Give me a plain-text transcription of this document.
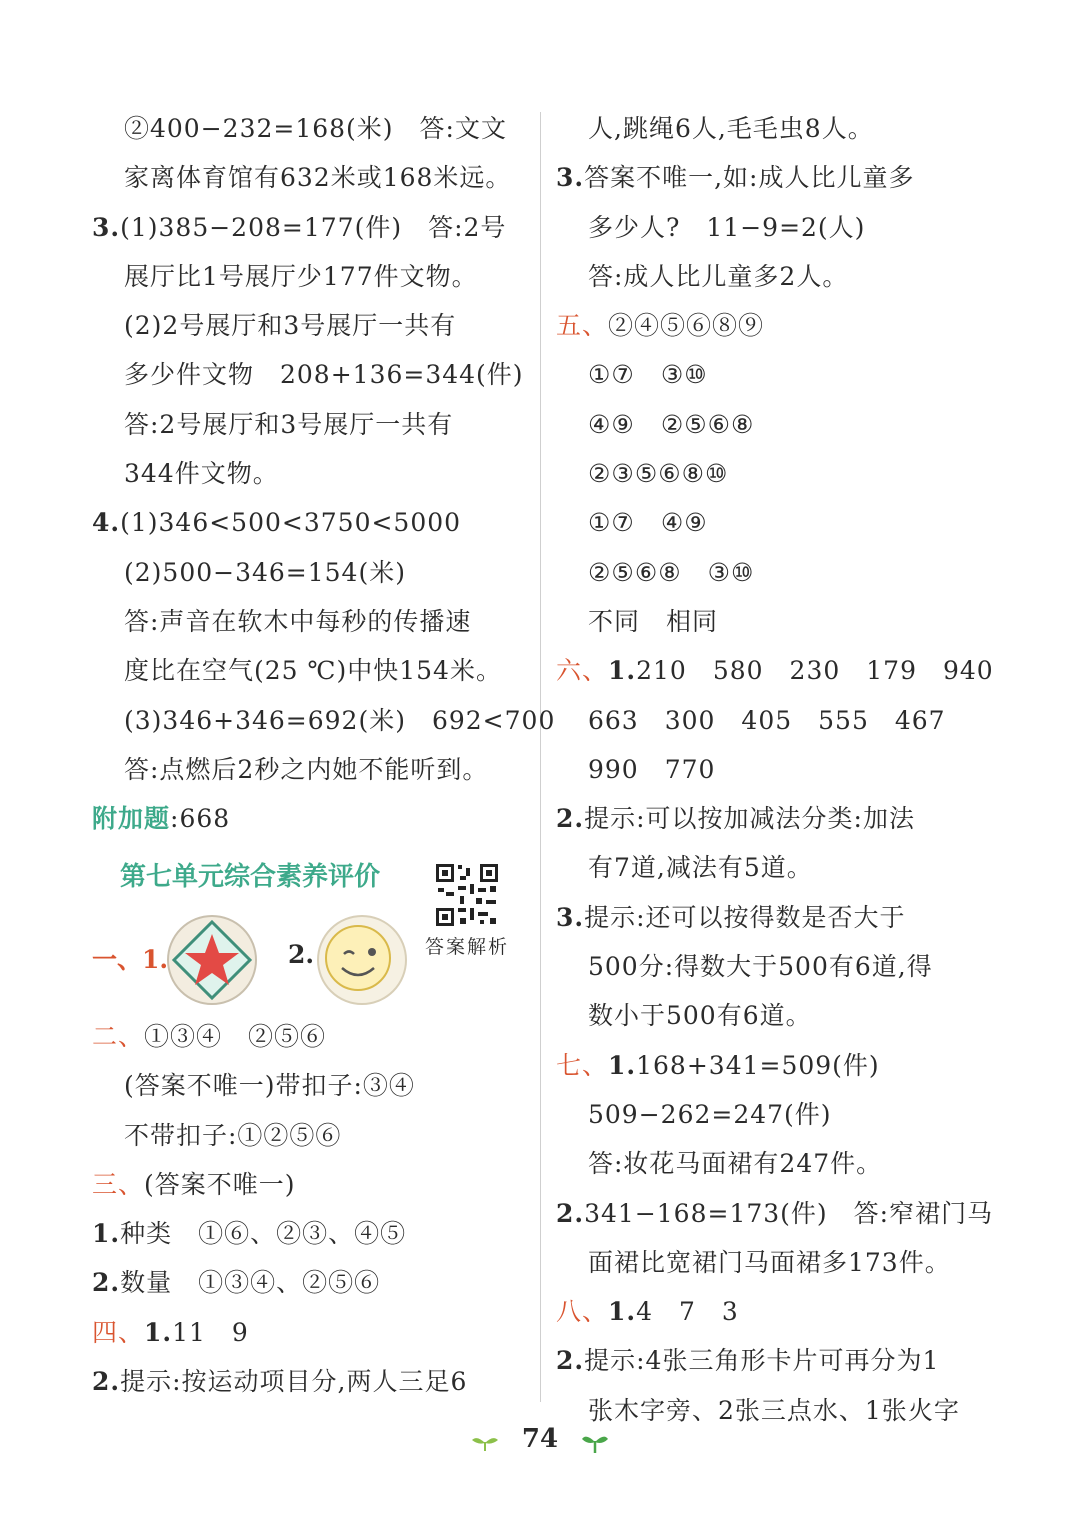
②400−232=168(米)　答:文文
家离体育馆有632米或168米远。
3.(1)385−208=177(件)　答:2号
展厅比1号展厅少177件文物。
(2)2号展厅和3号展厅一共有
多少件文物　208+136=344(件)
答:2号展厅和3号展厅一共有
344件文物。
4.(1)346<500<3750<5000
(2)500−346=154(米)
答:声音在软木中每秒的传播速
度比在空气(25 ℃)中快154米。
(3)346+346=692(米)　692<700
答:点燃后2秒之内她不能听到。
附加题:668
第七单元综合素养评价
答案解析
一、1.	2.
二、①③④　②⑤⑥
(答案不唯一)带扣子:③④
不带扣子:①②⑤⑥
三、(答案不唯一)
1.种类　①⑥、②③、④⑤
2.数量　①③④、②⑤⑥
四、1.11　9
2.提示:按运动项目分,两人三足6
人,跳绳6人,毛毛虫8人。
3.答案不唯一,如:成人比儿童多
多少人?　11−9=2(人)
答:成人比儿童多2人。
五、②④⑤⑥⑧⑨
①⑦　③⑩
④⑨　②⑤⑥⑧
②③⑤⑥⑧⑩
①⑦　④⑨
②⑤⑥⑧　③⑩
不同　相同
六、1.210　580　230　179　940
663　300　405　555　467
990　770
2.提示:可以按加减法分类:加法
有7道,减法有5道。
3.提示:还可以按得数是否大于
500分:得数大于500有6道,得
数小于500有6道。
七、1.168+341=509(件)
509−262=247(件)
答:妆花马面裙有247件。
2.341−168=173(件)　答:窄裙门马
面裙比宽裙门马面裙多173件。
八、1.4　7　3
2.提示:4张三角形卡片可再分为1
张木字旁、2张三点水、1张火字
74
